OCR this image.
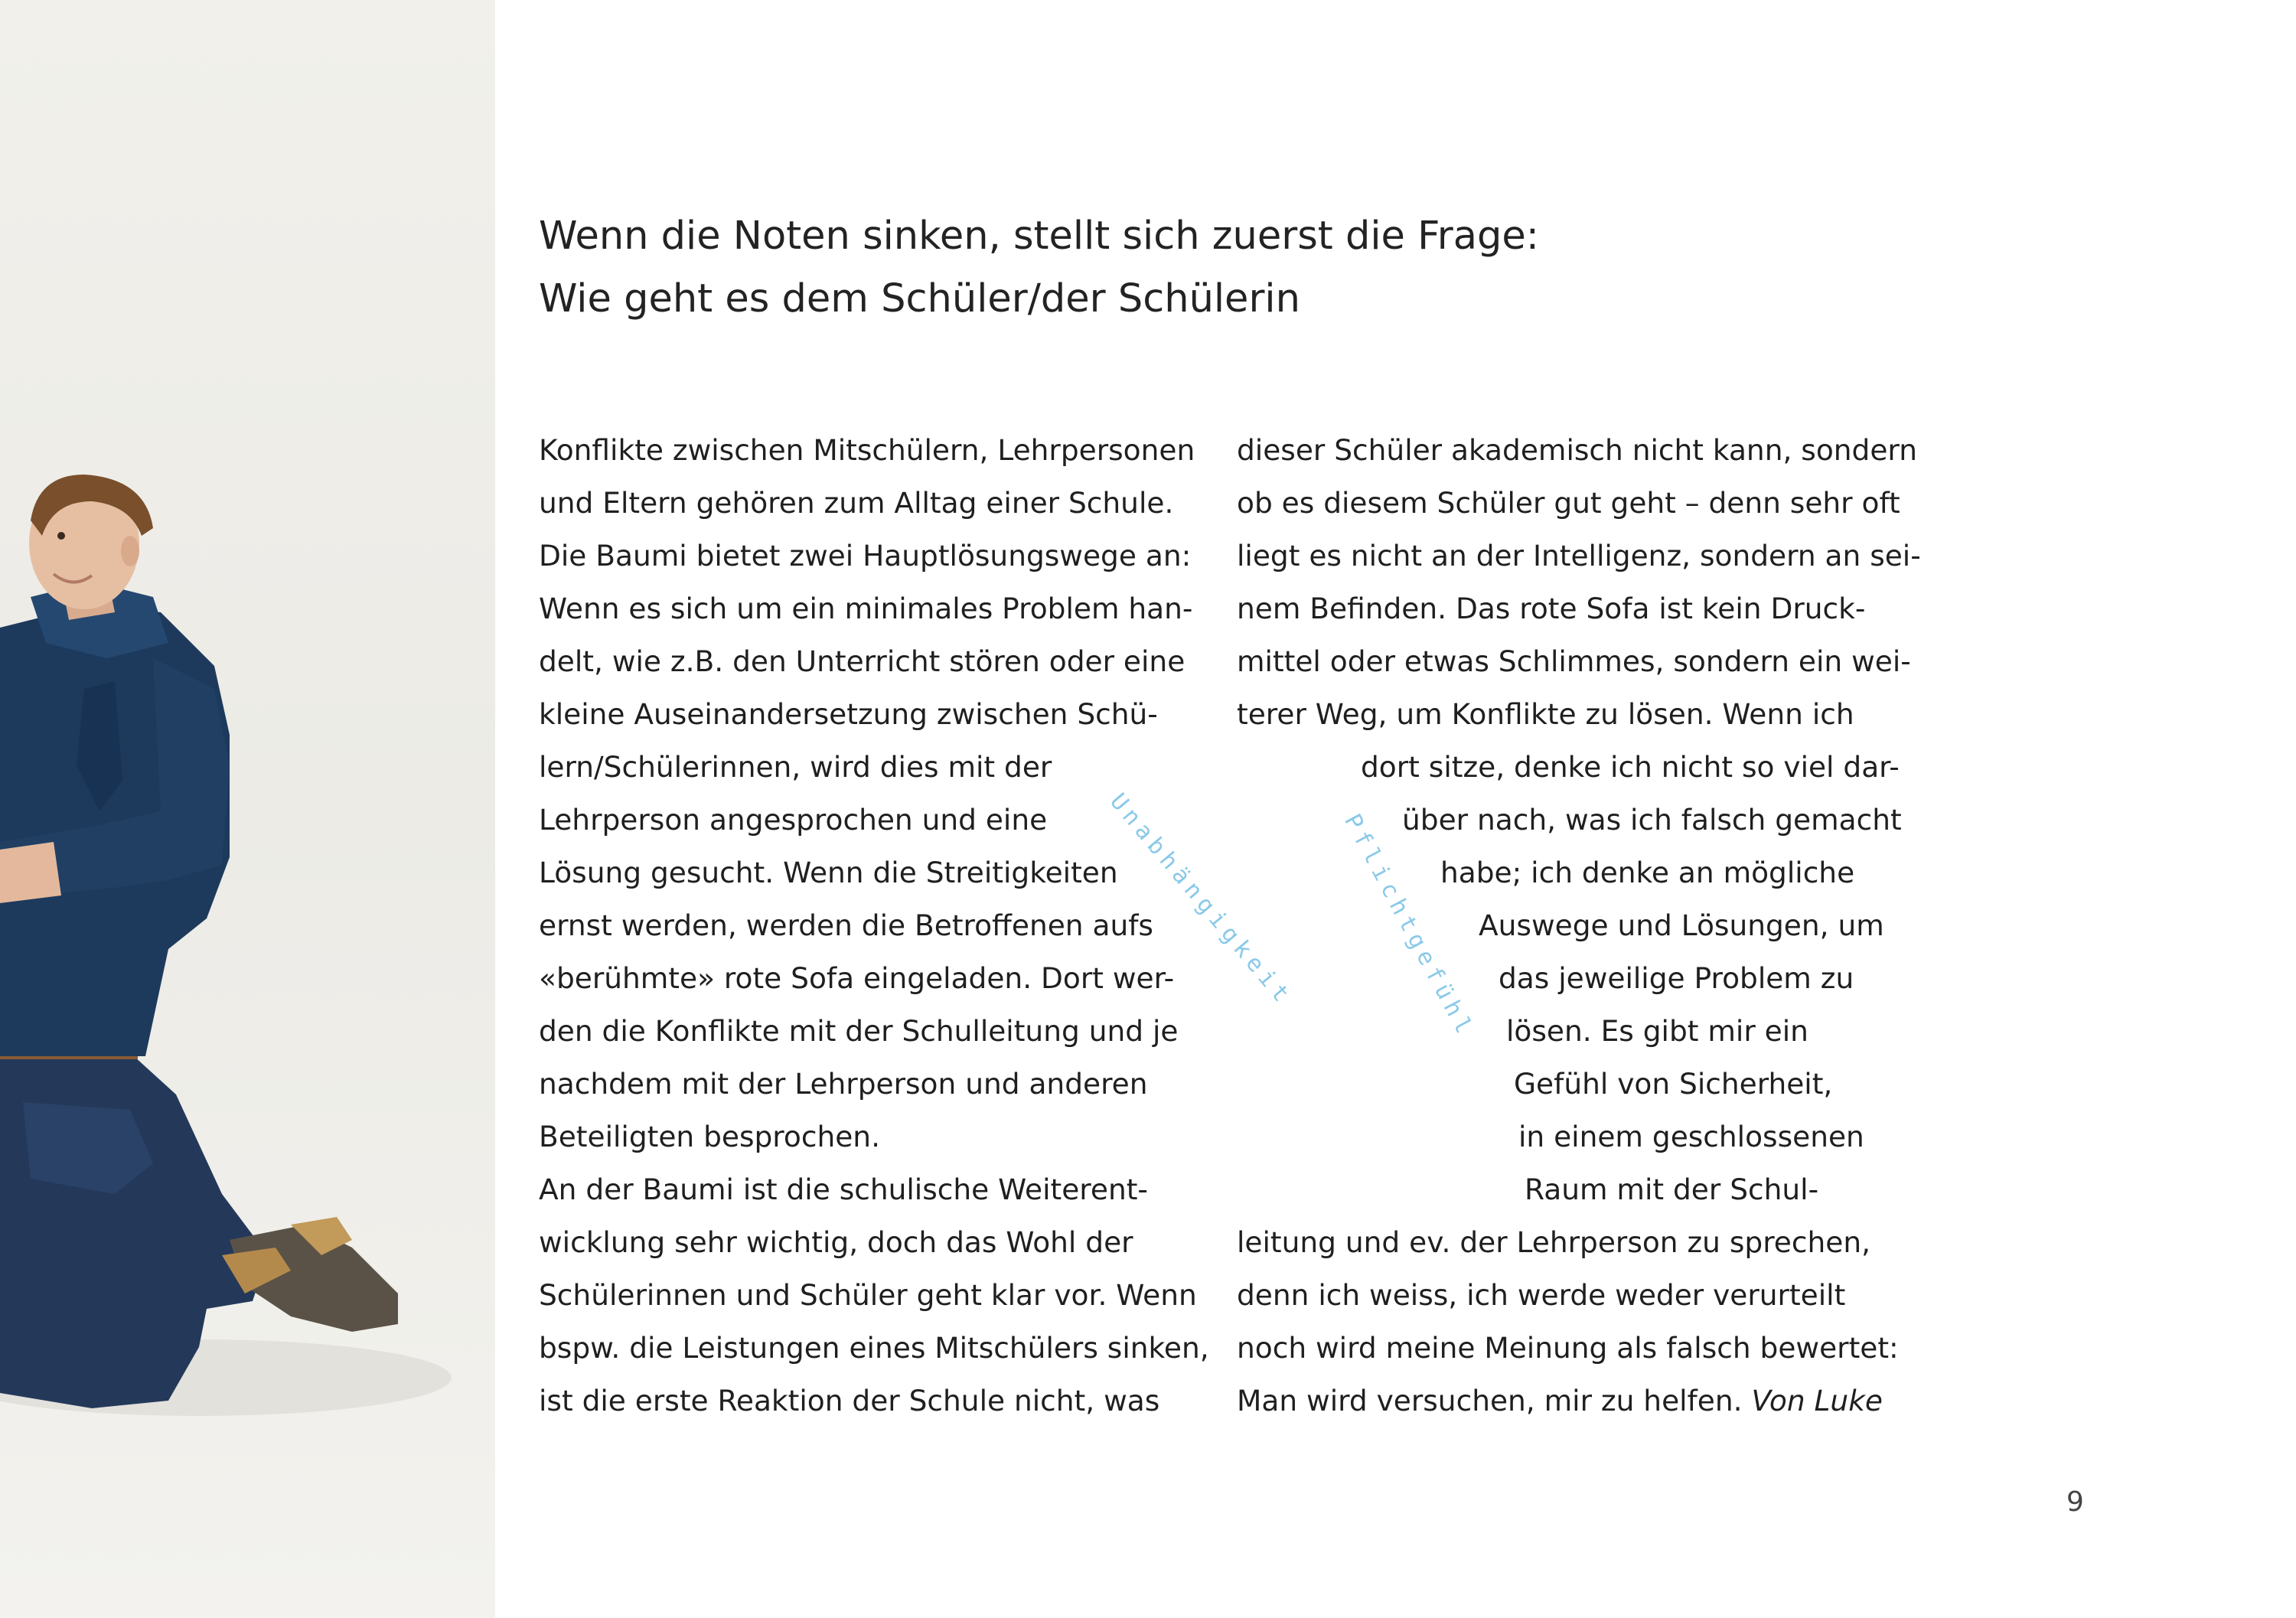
Wenn die Noten sinken, stellt sich zuerst die Frage:
Wie geht es dem Schüler/der Schülerin
Konflikte zwischen Mitschülern, Lehrpersonen
und Eltern gehören zum Alltag einer Schule.
Die Baumi bietet zwei Hauptlösungswege an:
Wenn es sich um ein minimales Problem han-
delt, wie z.B. den Unterricht stören oder eine
kleine Auseinandersetzung zwischen Schü-
lern/Schülerinnen, wird dies mit der
Lehrperson angesprochen und eine
Lösung gesucht. Wenn die Streitigkeiten
ernst werden, werden die Betroffenen aufs
«berühmte» rote Sofa eingeladen. Dort wer-
den die Konflikte mit der Schulleitung und je
nachdem mit der Lehrperson und anderen
Beteiligten besprochen.
An der Baumi ist die schulische Weiterent-
wicklung sehr wichtig, doch das Wohl der
Schülerinnen und Schüler geht klar vor. Wenn
bspw. die Leistungen eines Mitschülers sinken,
ist die erste Reaktion der Schule nicht, was
dieser Schüler akademisch nicht kann, sondern
ob es diesem Schüler gut geht – denn sehr oft
liegt es nicht an der Intelligenz, sondern an sei-
nem Befinden. Das rote Sofa ist kein Druck-
mittel oder etwas Schlimmes, sondern ein wei-
terer Weg, um Konflikte zu lösen. Wenn ich
dort sitze, denke ich nicht so viel dar-
über nach, was ich falsch gemacht
habe; ich denke an mögliche
Auswege und Lösungen, um
das jeweilige Problem zu
lösen. Es gibt mir ein
Gefühl von Sicherheit,
in einem geschlossenen
Raum mit der Schul-
leitung und ev. der Lehrperson zu sprechen,
denn ich weiss, ich werde weder verurteilt
noch wird meine Meinung als falsch bewertet:
Man wird versuchen, mir zu helfen. Von Luke
Unabhängigkeit Pflichtgefühl
9
